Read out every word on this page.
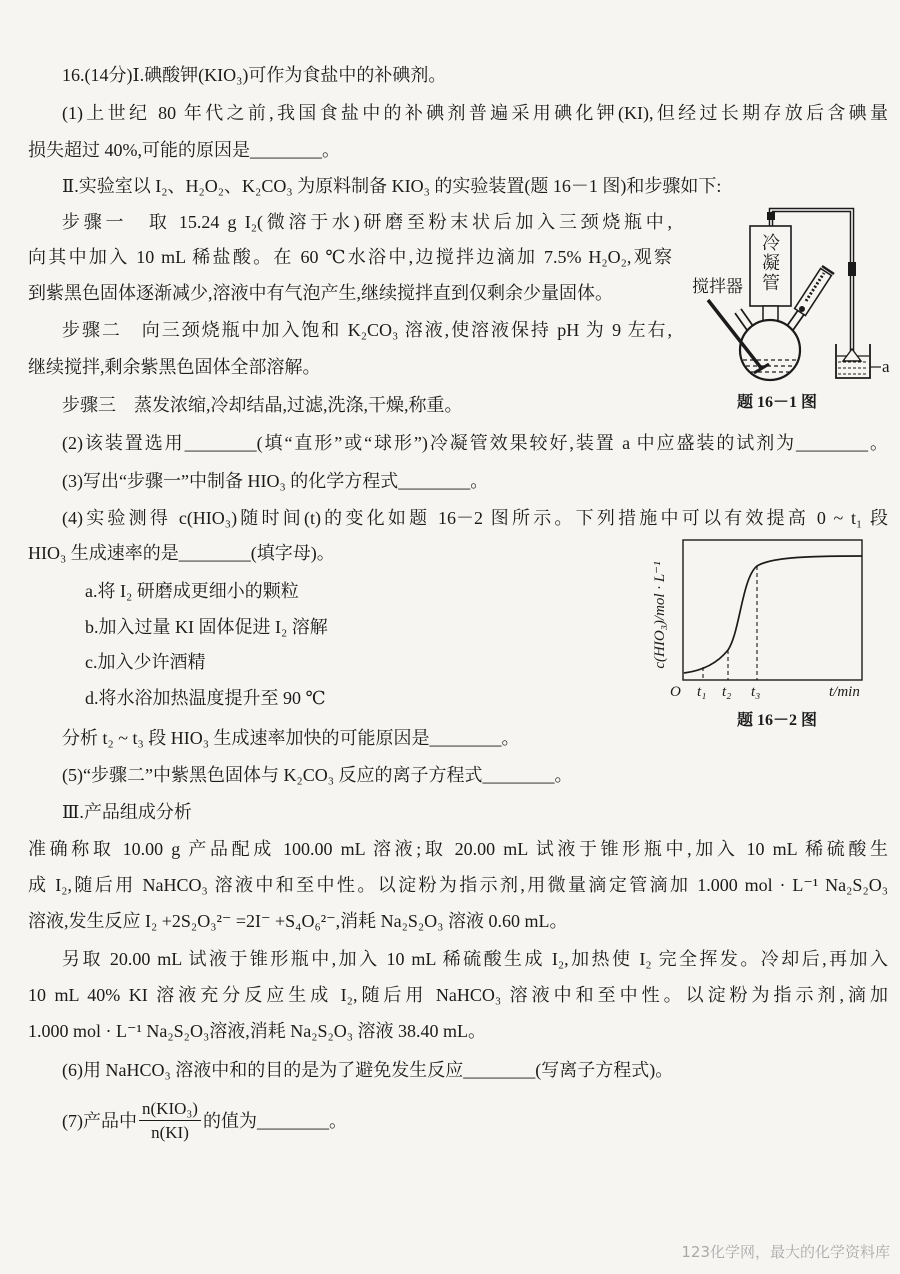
16.(14分)Ⅰ.碘酸钾(KIO₃)可作为食盐中的补碘剂。
(1)上世纪 80 年代之前,我国食盐中的补碘剂普遍采用碘化钾(KI),但经过长期存放后含碘量
损失超过 40%,可能的原因是________。
Ⅱ.实验室以 I₂、H₂O₂、K₂CO₃ 为原料制备 KIO₃ 的实验装置(题 16－1 图)和步骤如下:
步骤一　取 15.24 g I₂(微溶于水)研磨至粉末状后加入三颈烧瓶中,
向其中加入 10 mL 稀盐酸。在 60 ℃水浴中,边搅拌边滴加 7.5% H₂O₂,观察
到紫黑色固体逐渐减少,溶液中有气泡产生,继续搅拌直到仅剩余少量固体。
步骤二　向三颈烧瓶中加入饱和 K₂CO₃ 溶液,使溶液保持 pH 为 9 左右,
继续搅拌,剩余紫黑色固体全部溶解。
步骤三　蒸发浓缩,冷却结晶,过滤,洗涤,干燥,称重。
冷凝管
搅拌器
a
题 16－1 图
(2)该装置选用________(填“直形”或“球形”)冷凝管效果较好,装置 a 中应盛装的试剂为________。
(3)写出“步骤一”中制备 HIO₃ 的化学方程式________。
(4)实验测得 c(HIO₃)随时间(t)的变化如题 16－2 图所示。下列措施中可以有效提高 0 ~ t₁ 段
HIO₃ 生成速率的是________(填字母)。
a.将 I₂ 研磨成更细小的颗粒
b.加入过量 KI 固体促进 I₂ 溶解
c.加入少许酒精
d.将水浴加热温度提升至 90 ℃
c(HIO₃)/mol · L⁻¹
O t₁ t₂ t₃	t/min
题 16－2 图
分析 t₂ ~ t₃ 段 HIO₃ 生成速率加快的可能原因是________。
(5)“步骤二”中紫黑色固体与 K₂CO₃ 反应的离子方程式________。
Ⅲ.产品组成分析
准确称取 10.00 g 产品配成 100.00 mL 溶液;取 20.00 mL 试液于锥形瓶中,加入 10 mL 稀硫酸生
成 I₂,随后用 NaHCO₃ 溶液中和至中性。以淀粉为指示剂,用微量滴定管滴加 1.000 mol · L⁻¹ Na₂S₂O₃
溶液,发生反应 I₂ +2S₂O₃²⁻ =2I⁻ +S₄O₆²⁻,消耗 Na₂S₂O₃ 溶液 0.60 mL。
另取 20.00 mL 试液于锥形瓶中,加入 10 mL 稀硫酸生成 I₂,加热使 I₂ 完全挥发。冷却后,再加入
10 mL 40% KI 溶液充分反应生成 I₂,随后用 NaHCO₃ 溶液中和至中性。以淀粉为指示剂,滴加
1.000 mol · L⁻¹ Na₂S₂O₃溶液,消耗 Na₂S₂O₃ 溶液 38.40 mL。
(6)用 NaHCO₃ 溶液中和的目的是为了避免发生反应________(写离子方程式)。
(7)产品中 $\frac{\text{n(KIO₃)}}{n(KI)}$ 的值为________。
123化学网，最大的化学资料库
